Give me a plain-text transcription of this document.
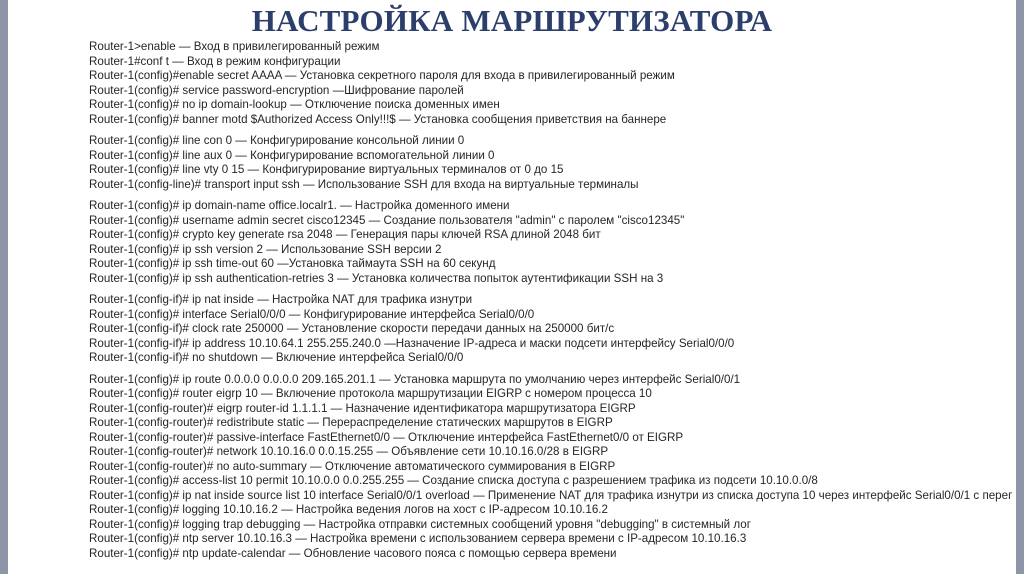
НАСТРОЙКА МАРШРУТИЗАТОРА
Router-1>enable — Вход в привилегированный режим
Router-1#conf t — Вход в режим конфигурации
Router-1(config)#enable secret AAAA — Установка секретного пароля для входа в привилегированный режим
Router-1(config)# service password-encryption —Шифрование паролей
Router-1(config)# no ip domain-lookup — Отключение поиска доменных имен
Router-1(config)# banner motd $Authorized Access Only!!!$ — Установка сообщения приветствия на баннере
Router-1(config)# line con 0 — Конфигурирование консольной линии 0
Router-1(config)# line aux 0 — Конфигурирование вспомогательной линии 0
Router-1(config)# line vty 0 15 — Конфигурирование виртуальных терминалов от 0 до 15
Router-1(config-line)# transport input ssh — Использование SSH для входа на виртуальные терминалы
Router-1(config)# ip domain-name office.localr1. — Настройка доменного имени
Router-1(config)# username admin secret cisco12345 — Создание пользователя "admin" с паролем "cisco12345"
Router-1(config)# crypto key generate rsa 2048 — Генерация пары ключей RSA длиной 2048 бит
Router-1(config)# ip ssh version 2 — Использование SSH версии 2
Router-1(config)# ip ssh time-out 60 —Установка таймаута SSH на 60 секунд
Router-1(config)# ip ssh authentication-retries 3 — Установка количества попыток аутентификации SSH на 3
Router-1(config-if)# ip nat inside — Настройка NAT для трафика изнутри
Router-1(config)# interface Serial0/0/0 — Конфигурирование интерфейса Serial0/0/0
Router-1(config-if)# clock rate 250000 — Установление скорости передачи данных на 250000 бит/с
Router-1(config-if)# ip address 10.10.64.1 255.255.240.0 —Назначение IP-адреса и маски подсети интерфейсу Serial0/0/0
Router-1(config-if)# no shutdown — Включение интерфейса Serial0/0/0
Router-1(config)# ip route 0.0.0.0 0.0.0.0 209.165.201.1 — Установка маршрута по умолчанию через интерфейс Serial0/0/1
Router-1(config)# router eigrp 10 — Включение протокола маршрутизации EIGRP с номером процесса 10
Router-1(config-router)# eigrp router-id 1.1.1.1 — Назначение идентификатора маршрутизатора EIGRP
Router-1(config-router)# redistribute static — Перераспределение статических маршрутов в EIGRP
Router-1(config-router)# passive-interface FastEthernet0/0 — Отключение интерфейса FastEthernet0/0 от EIGRP
Router-1(config-router)# network 10.10.16.0 0.0.15.255 — Объявление сети 10.10.16.0/28 в EIGRP
Router-1(config-router)# no auto-summary — Отключение автоматического суммирования в EIGRP
Router-1(config)# access-list 10 permit 10.10.0.0 0.0.255.255 — Создание списка доступа с разрешением трафика из подсети 10.10.0.0/8
Router-1(config)# ip nat inside source list 10 interface Serial0/0/1 overload — Применение NAT для трафика изнутри из списка доступа 10 через интерфейс Serial0/0/1 с перег
Router-1(config)# logging 10.10.16.2 — Настройка ведения логов на хост с IP-адресом 10.10.16.2
Router-1(config)# logging trap debugging — Настройка отправки системных сообщений уровня "debugging" в системный лог
Router-1(config)# ntp server 10.10.16.3 — Настройка времени с использованием сервера времени с IP-адресом 10.10.16.3
Router-1(config)# ntp update-calendar — Обновление часового пояса с помощью сервера времени
